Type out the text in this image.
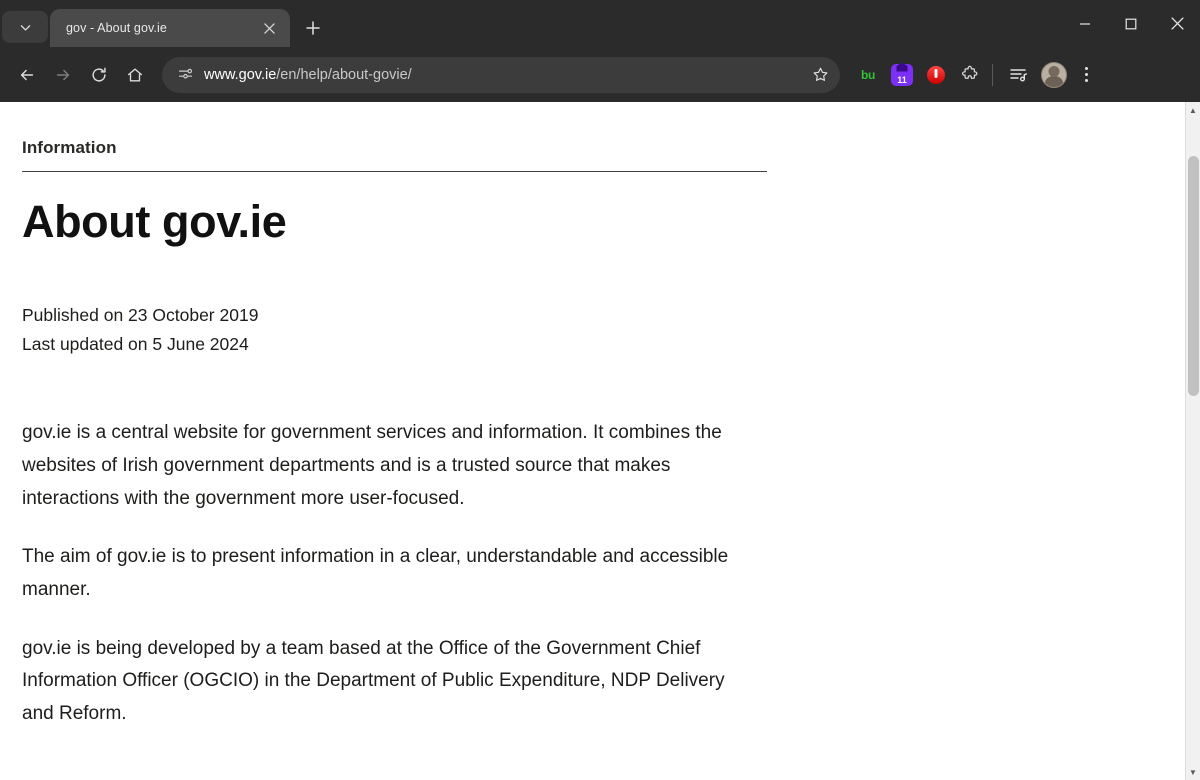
gov - About gov.ie
www.gov.ie/en/help/about-govie/	bu	11
Information
About gov.ie
Published on 23 October 2019
Last updated on 5 June 2024

gov.ie is a central website for government services and information. It combines the websites of Irish government departments and is a trusted source that makes interactions with the government more user-focused.

The aim of gov.ie is to present information in a clear, understandable and accessible manner.

gov.ie is being developed by a team based at the Office of the Government Chief Information Officer (OGCIO) in the Department of Public Expenditure, NDP Delivery and Reform.

▲
▼
